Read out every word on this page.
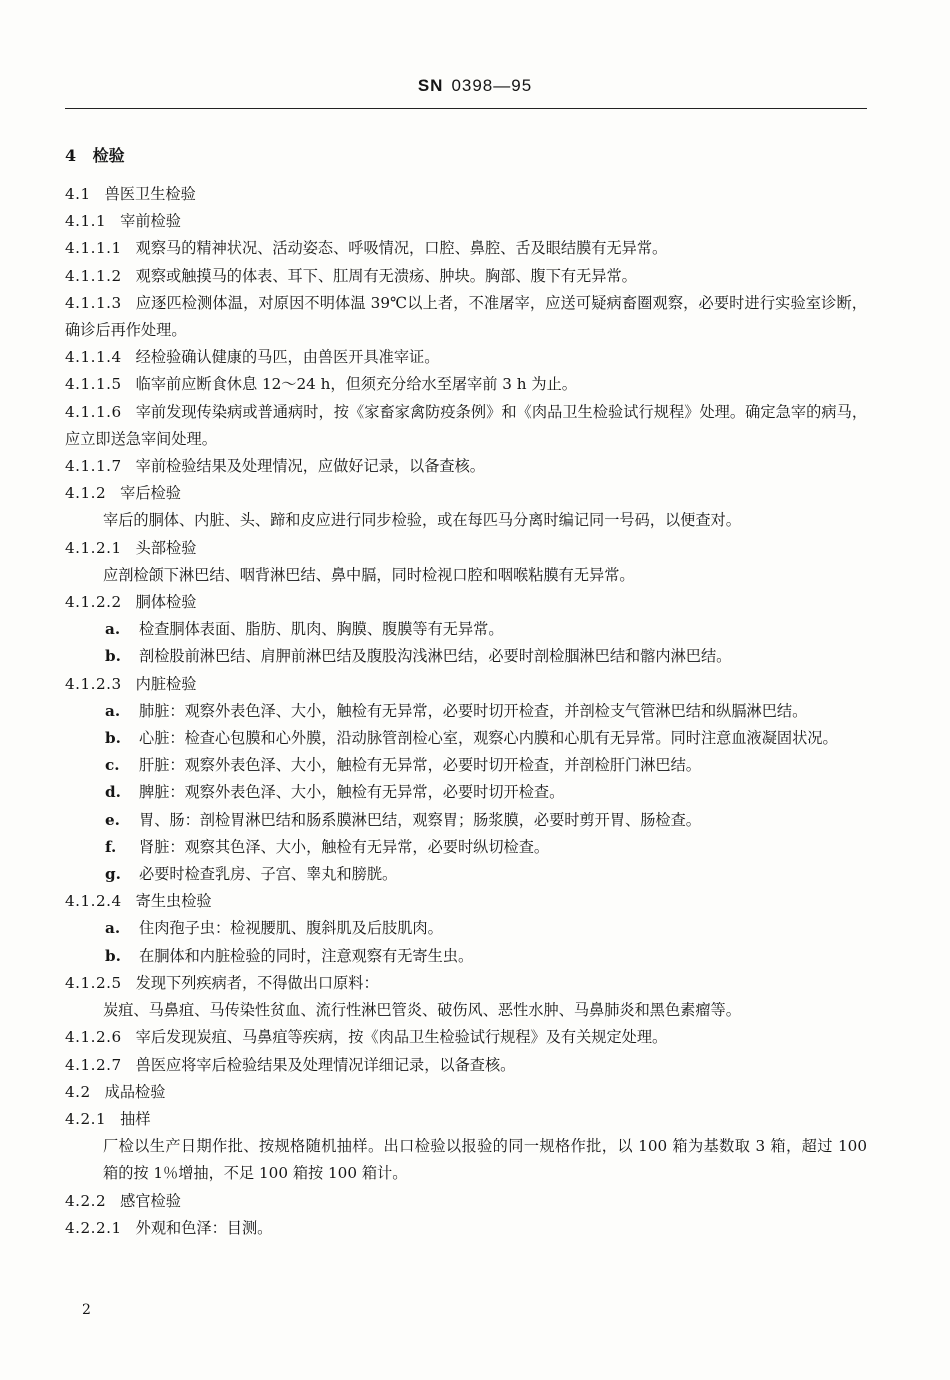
SN 0398—95
4 检验

4.1 兽医卫生检验

4.1.1 宰前检验

4.1.1.1 观察马的精神状况、活动姿态、呼吸情况，口腔、鼻腔、舌及眼结膜有无异常。

4.1.1.2 观察或触摸马的体表、耳下、肛周有无溃疡、肿块。胸部、腹下有无异常。

4.1.1.3 应逐匹检测体温，对原因不明体温 39℃以上者，不准屠宰，应送可疑病畜圈观察，必要时进行实验室诊断，确诊后再作处理。

4.1.1.4 经检验确认健康的马匹，由兽医开具准宰证。

4.1.1.5 临宰前应断食休息 12～24 h，但须充分给水至屠宰前 3 h 为止。

4.1.1.6 宰前发现传染病或普通病时，按《家畜家禽防疫条例》和《肉品卫生检验试行规程》处理。确定急宰的病马，应立即送急宰间处理。

4.1.1.7 宰前检验结果及处理情况，应做好记录，以备查核。

4.1.2 宰后检验

宰后的胴体、内脏、头、蹄和皮应进行同步检验，或在每匹马分离时编记同一号码，以便查对。

4.1.2.1 头部检验

应剖检颌下淋巴结、咽背淋巴结、鼻中膈，同时检视口腔和咽喉粘膜有无异常。

4.1.2.2 胴体检验

a. 检查胴体表面、脂肪、肌肉、胸膜、腹膜等有无异常。

b. 剖检股前淋巴结、肩胛前淋巴结及腹股沟浅淋巴结，必要时剖检腘淋巴结和髂内淋巴结。

4.1.2.3 内脏检验

a. 肺脏：观察外表色泽、大小，触检有无异常，必要时切开检查，并剖检支气管淋巴结和纵膈淋巴结。

b. 心脏：检查心包膜和心外膜，沿动脉管剖检心室，观察心内膜和心肌有无异常。同时注意血液凝固状况。

c. 肝脏：观察外表色泽、大小，触检有无异常，必要时切开检查，并剖检肝门淋巴结。

d. 脾脏：观察外表色泽、大小，触检有无异常，必要时切开检查。

e. 胃、肠：剖检胃淋巴结和肠系膜淋巴结，观察胃；肠浆膜，必要时剪开胃、肠检查。

f. 肾脏：观察其色泽、大小，触检有无异常，必要时纵切检查。

g. 必要时检查乳房、子宫、睾丸和膀胱。

4.1.2.4 寄生虫检验

a. 住肉孢子虫：检视腰肌、腹斜肌及后肢肌肉。

b. 在胴体和内脏检验的同时，注意观察有无寄生虫。

4.1.2.5 发现下列疾病者，不得做出口原料：

炭疽、马鼻疽、马传染性贫血、流行性淋巴管炎、破伤风、恶性水肿、马鼻肺炎和黑色素瘤等。

4.1.2.6 宰后发现炭疽、马鼻疽等疾病，按《肉品卫生检验试行规程》及有关规定处理。

4.1.2.7 兽医应将宰后检验结果及处理情况详细记录，以备查核。

4.2 成品检验

4.2.1 抽样

厂检以生产日期作批、按规格随机抽样。出口检验以报验的同一规格作批，以 100 箱为基数取 3 箱，超过 100 箱的按 1％增抽，不足 100 箱按 100 箱计。

4.2.2 感官检验

4.2.2.1 外观和色泽：目测。

2
